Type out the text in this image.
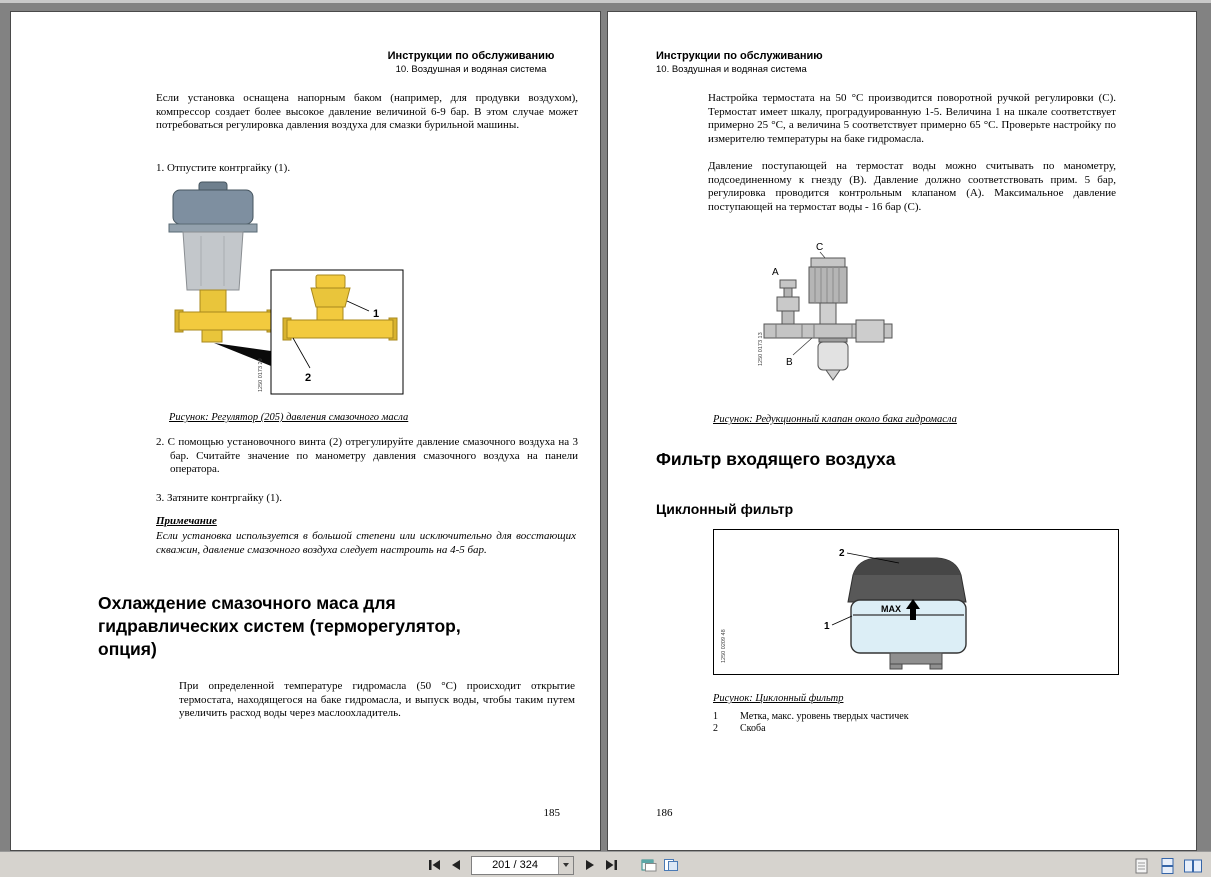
Инструкции по обслуживанию
10. Воздушная и водяная система
Если установка оснащена напорным баком (например, для продувки воздухом), компрессор создает более высокое давление величиной 6-9 бар. В этом случае может потребоваться регулировка давления воздуха для смазки бурильной машины.
1. Отпустите контргайку (1).
1
2
1250 0173 29
Рисунок: Регулятор (205) давления смазочного масла
2. С помощью установочного винта (2) отрегулируйте давление смазочного воздуха на 3 бар. Считайте значение по манометру давления смазочного воздуха на панели оператора.
3. Затяните контргайку (1).
Примечание
Если установка используется в большой степени или исключительно для восстающих скважин, давление смазочного воздуха следует настроить на 4-5 бар.
Охлаждение смазочного маса для гидравлических систем (терморегулятор, опция)
При определенной температуре гидромасла (50 °C) происходит открытие термостата, находящегося на баке гидромасла, и выпуск воды, чтобы таким путем увеличить расход воды через маслоохладитель.
185
Инструкции по обслуживанию
10. Воздушная и водяная система
Настройка термостата на 50 °C производится поворотной ручкой регулировки (C). Термостат имеет шкалу, проградуированную 1-5. Величина 1 на шкале соответствует примерно 25 °C, а величина 5 соответствует примерно 65 °C. Проверьте настройку по измерителю температуры на баке гидромасла.
Давление поступающей на термостат воды можно считывать по манометру, подсоединенному к гнезду (B). Давление должно соответствовать прим. 5 бар, регулировка проводится контрольным клапаном (A). Максимальное давление поступающей на термостат воды - 16 бар (C).
C
A
B
1250 0173 13
Рисунок: Редукционный клапан около бака гидромасла
Фильтр входящего воздуха
Циклонный фильтр
MAX
2
1
1250 0209 48
Рисунок: Циклонный фильтр
1 Метка, макс. уровень твердых частичек
2 Скоба
186
201 / 324
